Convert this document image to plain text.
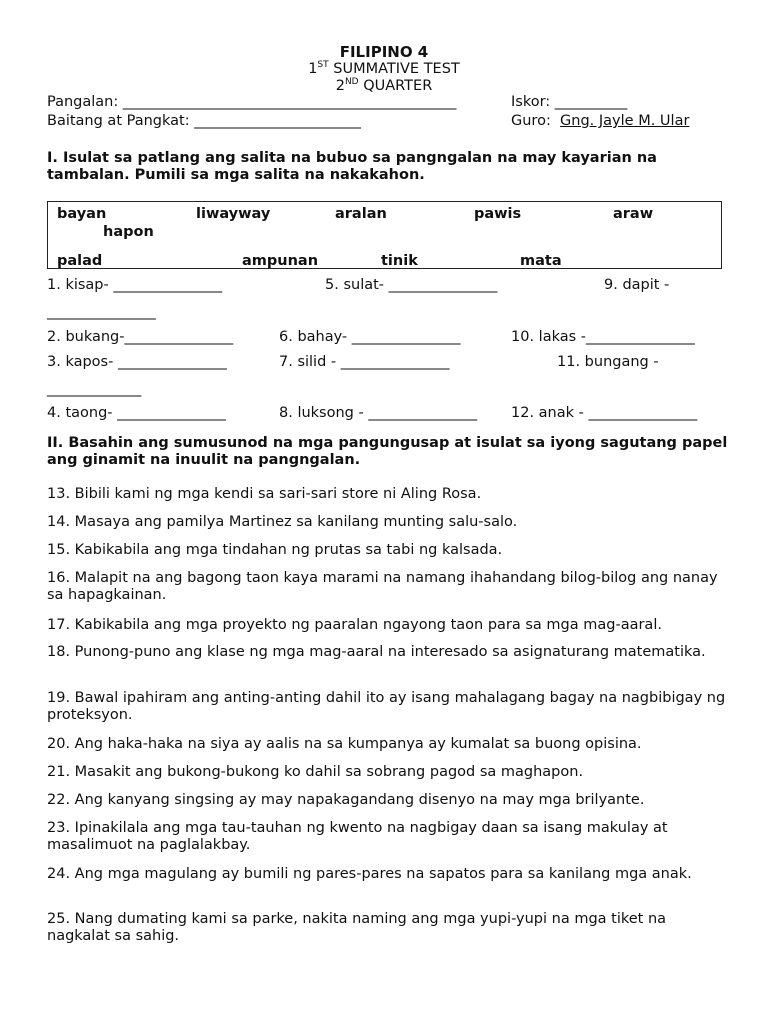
FILIPINO 4
1ST SUMMATIVE TEST
2ND QUARTER
Pangalan: ______________________________________________	Iskor: __________
Baitang at Pangkat: _______________________	Guro: Gng. Jayle M. Ular
I. Isulat sa patlang ang salita na bubuo sa pangngalan na may kayarian na tambalan. Pumili sa mga salita na nakakahon.
bayan	liwayway	aralan	pawis	araw
hapon
palad	ampunan	tinik	mata
1. kisap- _______________	5. sulat- _______________	9. dapit -
_______________
2. bukang-_______________	6. bahay- _______________	10. lakas -_______________
3. kapos- _______________	7. silid - _______________	11. bungang -
_____________
4. taong- _______________	8. luksong - _______________ 12. anak - _______________
II. Basahin ang sumusunod na mga pangungusap at isulat sa iyong sagutang papel ang ginamit na inuulit na pangngalan.
13. Bibili kami ng mga kendi sa sari-sari store ni Aling Rosa.
14. Masaya ang pamilya Martinez sa kanilang munting salu-salo.
15. Kabikabila ang mga tindahan ng prutas sa tabi ng kalsada.
16. Malapit na ang bagong taon kaya marami na namang ihahandang bilog-bilog ang nanay sa hapagkainan.
17. Kabikabila ang mga proyekto ng paaralan ngayong taon para sa mga mag-aaral.
18. Punong-puno ang klase ng mga mag-aaral na interesado sa asignaturang matematika.
19. Bawal ipahiram ang anting-anting dahil ito ay isang mahalagang bagay na nagbibigay ng proteksyon.
20. Ang haka-haka na siya ay aalis na sa kumpanya ay kumalat sa buong opisina.
21. Masakit ang bukong-bukong ko dahil sa sobrang pagod sa maghapon.
22. Ang kanyang singsing ay may napakagandang disenyo na may mga brilyante.
23. Ipinakilala ang mga tau-tauhan ng kwento na nagbigay daan sa isang makulay at masalimuot na paglalakbay.
24. Ang mga magulang ay bumili ng pares-pares na sapatos para sa kanilang mga anak.
25. Nang dumating kami sa parke, nakita naming ang mga yupi-yupi na mga tiket na nagkalat sa sahig.
